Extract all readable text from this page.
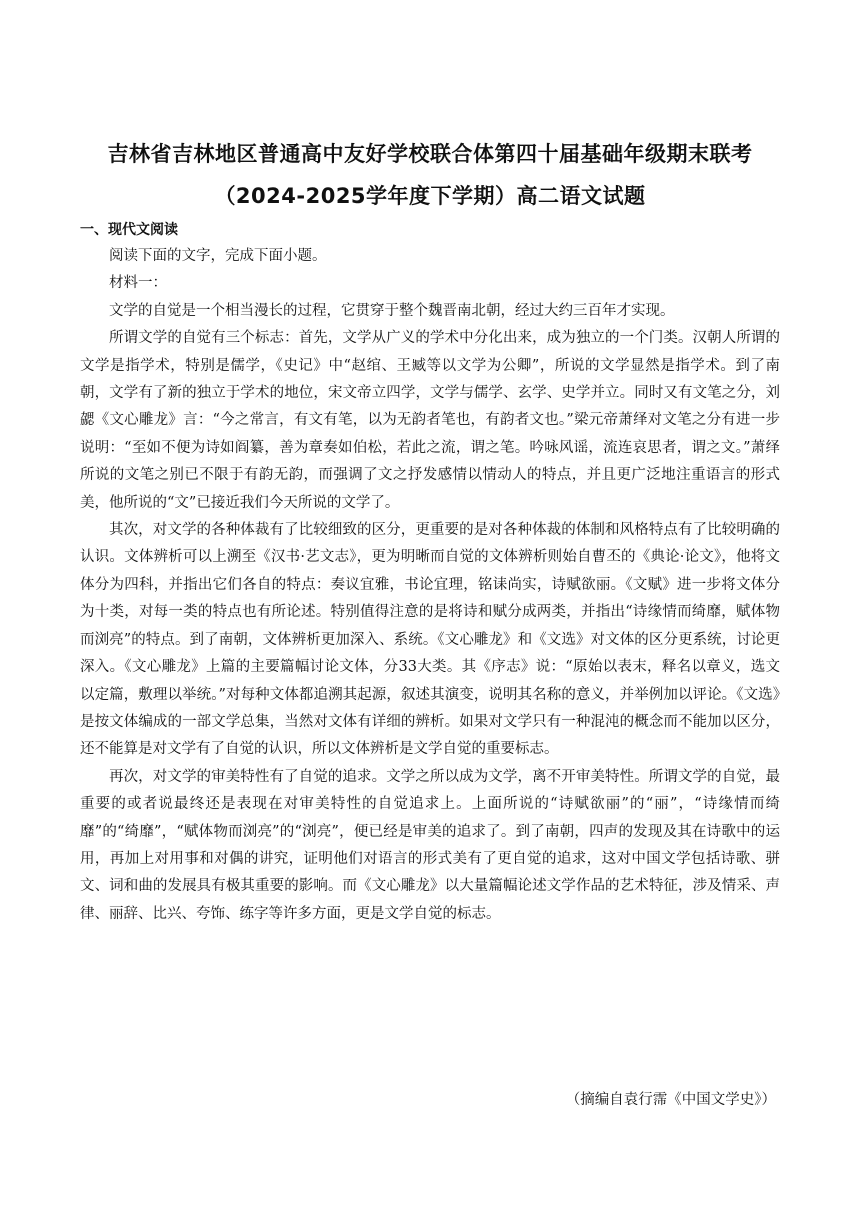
吉林省吉林地区普通高中友好学校联合体第四十届基础年级期末联考
（2024-2025学年度下学期）高二语文试题
一、现代文阅读

阅读下面的文字，完成下面小题。

材料一：

文学的自觉是一个相当漫长的过程，它贯穿于整个魏晋南北朝，经过大约三百年才实现。

所谓文学的自觉有三个标志：首先，文学从广义的学术中分化出来，成为独立的一个门类。汉朝人所谓的文学是指学术，特别是儒学，《史记》中“赵绾、王臧等以文学为公卿”，所说的文学显然是指学术。到了南朝，文学有了新的独立于学术的地位，宋文帝立四学，文学与儒学、玄学、史学并立。同时又有文笔之分，刘勰《文心雕龙》言：“今之常言，有文有笔，以为无韵者笔也，有韵者文也。”梁元帝萧绎对文笔之分有进一步说明：“至如不便为诗如阎纂，善为章奏如伯松，若此之流，谓之笔。吟咏风谣，流连哀思者，谓之文。”萧绎所说的文笔之别已不限于有韵无韵，而强调了文之抒发感情以情动人的特点，并且更广泛地注重语言的形式美，他所说的“文”已接近我们今天所说的文学了。

其次，对文学的各种体裁有了比较细致的区分，更重要的是对各种体裁的体制和风格特点有了比较明确的认识。文体辨析可以上溯至《汉书·艺文志》，更为明晰而自觉的文体辨析则始自曹丕的《典论·论文》，他将文体分为四科，并指出它们各自的特点：奏议宜雅，书论宜理，铭诔尚实，诗赋欲丽。《文赋》进一步将文体分为十类，对每一类的特点也有所论述。特别值得注意的是将诗和赋分成两类，并指出“诗缘情而绮靡，赋体物而浏亮”的特点。到了南朝，文体辨析更加深入、系统。《文心雕龙》和《文选》对文体的区分更系统，讨论更深入。《文心雕龙》上篇的主要篇幅讨论文体，分33大类。其《序志》说：“原始以表末，释名以章义，选文以定篇，敷理以举统。”对每种文体都追溯其起源，叙述其演变，说明其名称的意义，并举例加以评论。《文选》是按文体编成的一部文学总集，当然对文体有详细的辨析。如果对文学只有一种混沌的概念而不能加以区分，还不能算是对文学有了自觉的认识，所以文体辨析是文学自觉的重要标志。

再次，对文学的审美特性有了自觉的追求。文学之所以成为文学，离不开审美特性。所谓文学的自觉，最重要的或者说最终还是表现在对审美特性的自觉追求上。上面所说的“诗赋欲丽”的“丽”，“诗缘情而绮靡”的“绮靡”，“赋体物而浏亮”的“浏亮”，便已经是审美的追求了。到了南朝，四声的发现及其在诗歌中的运用，再加上对用事和对偶的讲究，证明他们对语言的形式美有了更自觉的追求，这对中国文学包括诗歌、骈文、词和曲的发展具有极其重要的影响。而《文心雕龙》以大量篇幅论述文学作品的艺术特征，涉及情采、声律、丽辞、比兴、夸饰、练字等许多方面，更是文学自觉的标志。

（摘编自袁行霈《中国文学史》）
